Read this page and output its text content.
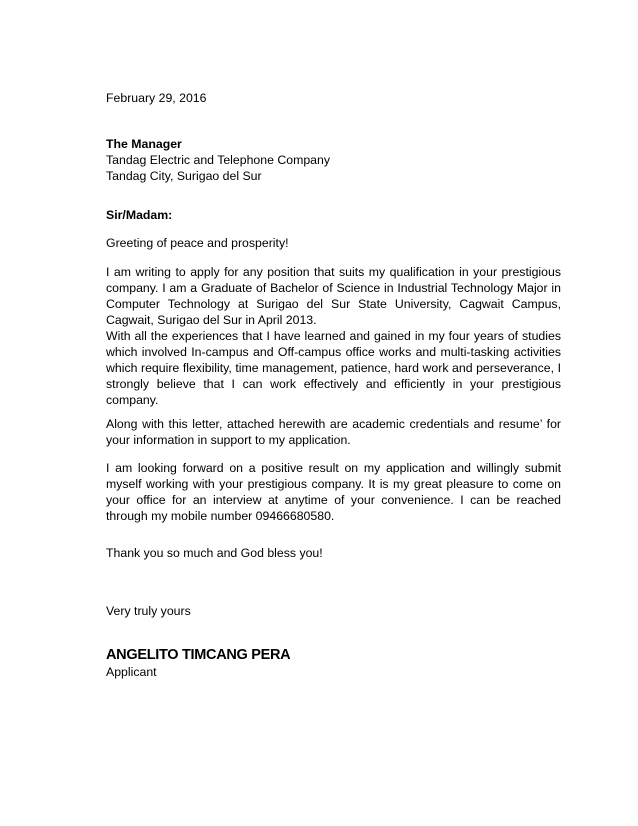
February 29, 2016
The Manager
Tandag Electric and Telephone Company
Tandag City, Surigao del Sur
Sir/Madam:
Greeting of peace and prosperity!

I am writing to apply for any position that suits my qualification in your prestigious company. I am a Graduate of Bachelor of Science in Industrial Technology Major in Computer Technology at Surigao del Sur State University, Cagwait Campus, Cagwait, Surigao del Sur in April 2013.

With all the experiences that I have learned and gained in my four years of studies which involved In-campus and Off-campus office works and multi-tasking activities which require flexibility, time management, patience, hard work and perseverance, I strongly believe that I can work effectively and efficiently in your prestigious company.

Along with this letter, attached herewith are academic credentials and resume’ for your information in support to my application.

I am looking forward on a positive result on my application and willingly submit myself working with your prestigious company. It is my great pleasure to come on your office for an interview at anytime of your convenience. I can be reached through my mobile number 09466680580.

Thank you so much and God bless you!
Very truly yours
ANGELITO TIMCANG PERA
Applicant
